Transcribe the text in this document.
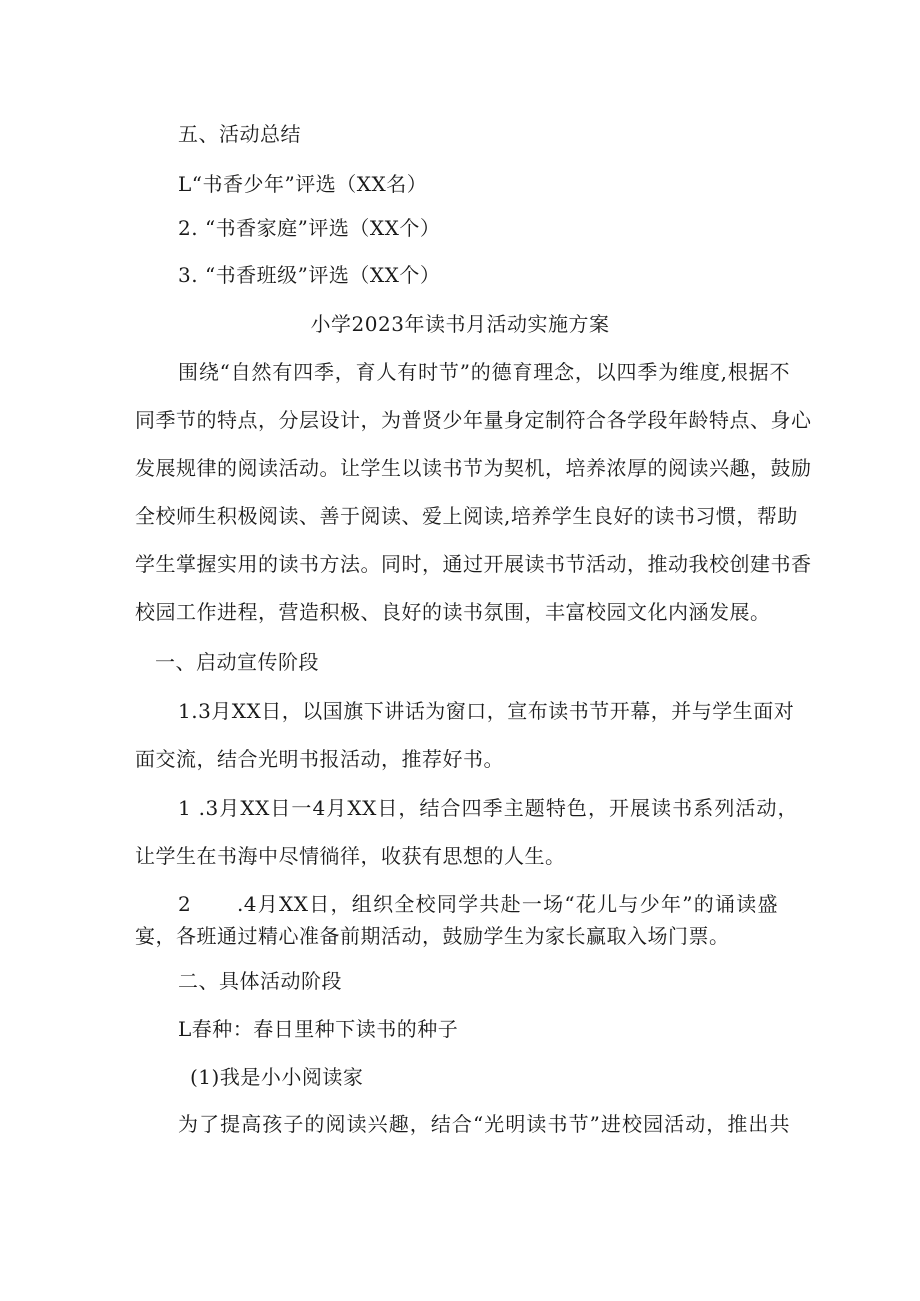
五、活动总结
L“书香少年”评选（XX名）
2. “书香家庭”评选（XX个）
3. “书香班级”评选（XX个）
小学2023年读书月活动实施方案
围绕“自然有四季，育人有时节”的德育理念，以四季为维度,根据不
同季节的特点，分层设计，为普贤少年量身定制符合各学段年龄特点、身心
发展规律的阅读活动。让学生以读书节为契机，培养浓厚的阅读兴趣，鼓励
全校师生积极阅读、善于阅读、爱上阅读,培养学生良好的读书习惯，帮助
学生掌握实用的读书方法。同时，通过开展读书节活动，推动我校创建书香
校园工作进程，营造积极、良好的读书氛围，丰富校园文化内涵发展。
一、启动宣传阶段
1.3月XX日，以国旗下讲话为窗口，宣布读书节开幕，并与学生面对
面交流，结合光明书报活动，推荐好书。
1 .3月XX日一4月XX日，结合四季主题特色，开展读书系列活动，
让学生在书海中尽情徜徉，收获有思想的人生。
2      .4月XX日，组织全校同学共赴一场“花儿与少年”的诵读盛
宴，各班通过精心准备前期活动，鼓励学生为家长赢取入场门票。
二、具体活动阶段
L春种：春日里种下读书的种子
(1)我是小小阅读家
为了提高孩子的阅读兴趣，结合“光明读书节”进校园活动，推出共
